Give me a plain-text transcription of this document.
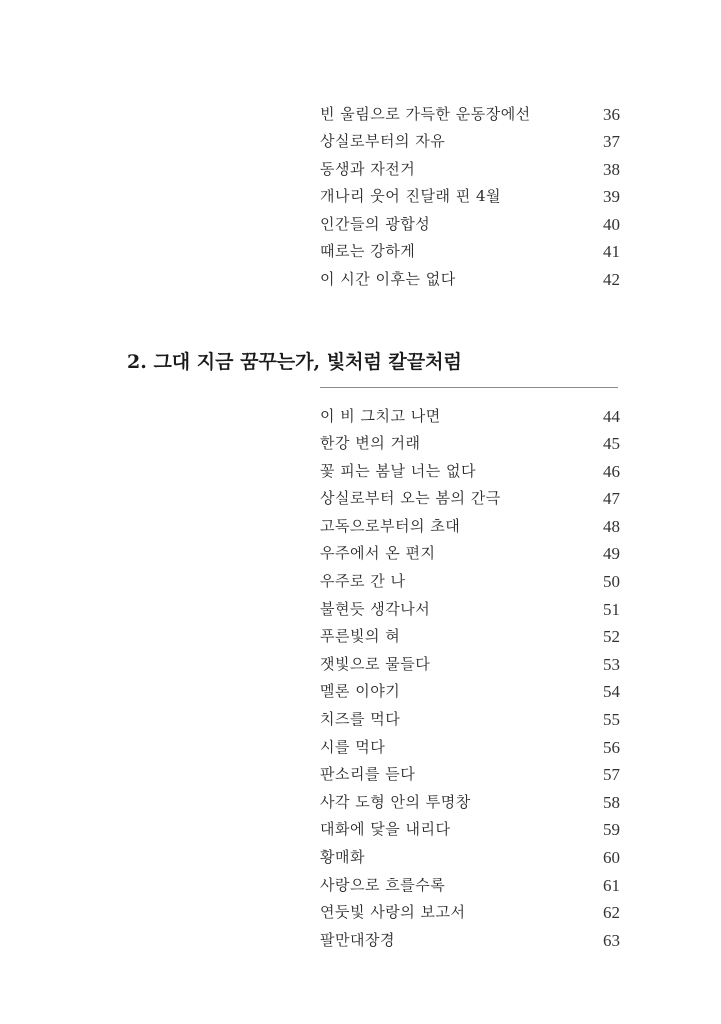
빈 울림으로 가득한 운동장에선	36
상실로부터의 자유	37
동생과 자전거	38
개나리 웃어 진달래 핀 4월	39
인간들의 광합성	40
때로는 강하게	41
이 시간 이후는 없다	42
2. 그대 지금 꿈꾸는가, 빛처럼 칼끝처럼
이 비 그치고 나면	44
한강 변의 거래	45
꽃 피는 봄날 너는 없다	46
상실로부터 오는 봄의 간극	47
고독으로부터의 초대	48
우주에서 온 편지	49
우주로 간 나	50
불현듯 생각나서	51
푸른빛의 혀	52
잿빛으로 물들다	53
멜론 이야기	54
치즈를 먹다	55
시를 먹다	56
판소리를 듣다	57
사각 도형 안의 투명창	58
대화에 닻을 내리다	59
황매화	60
사랑으로 흐를수록	61
연둣빛 사랑의 보고서	62
팔만대장경	63
